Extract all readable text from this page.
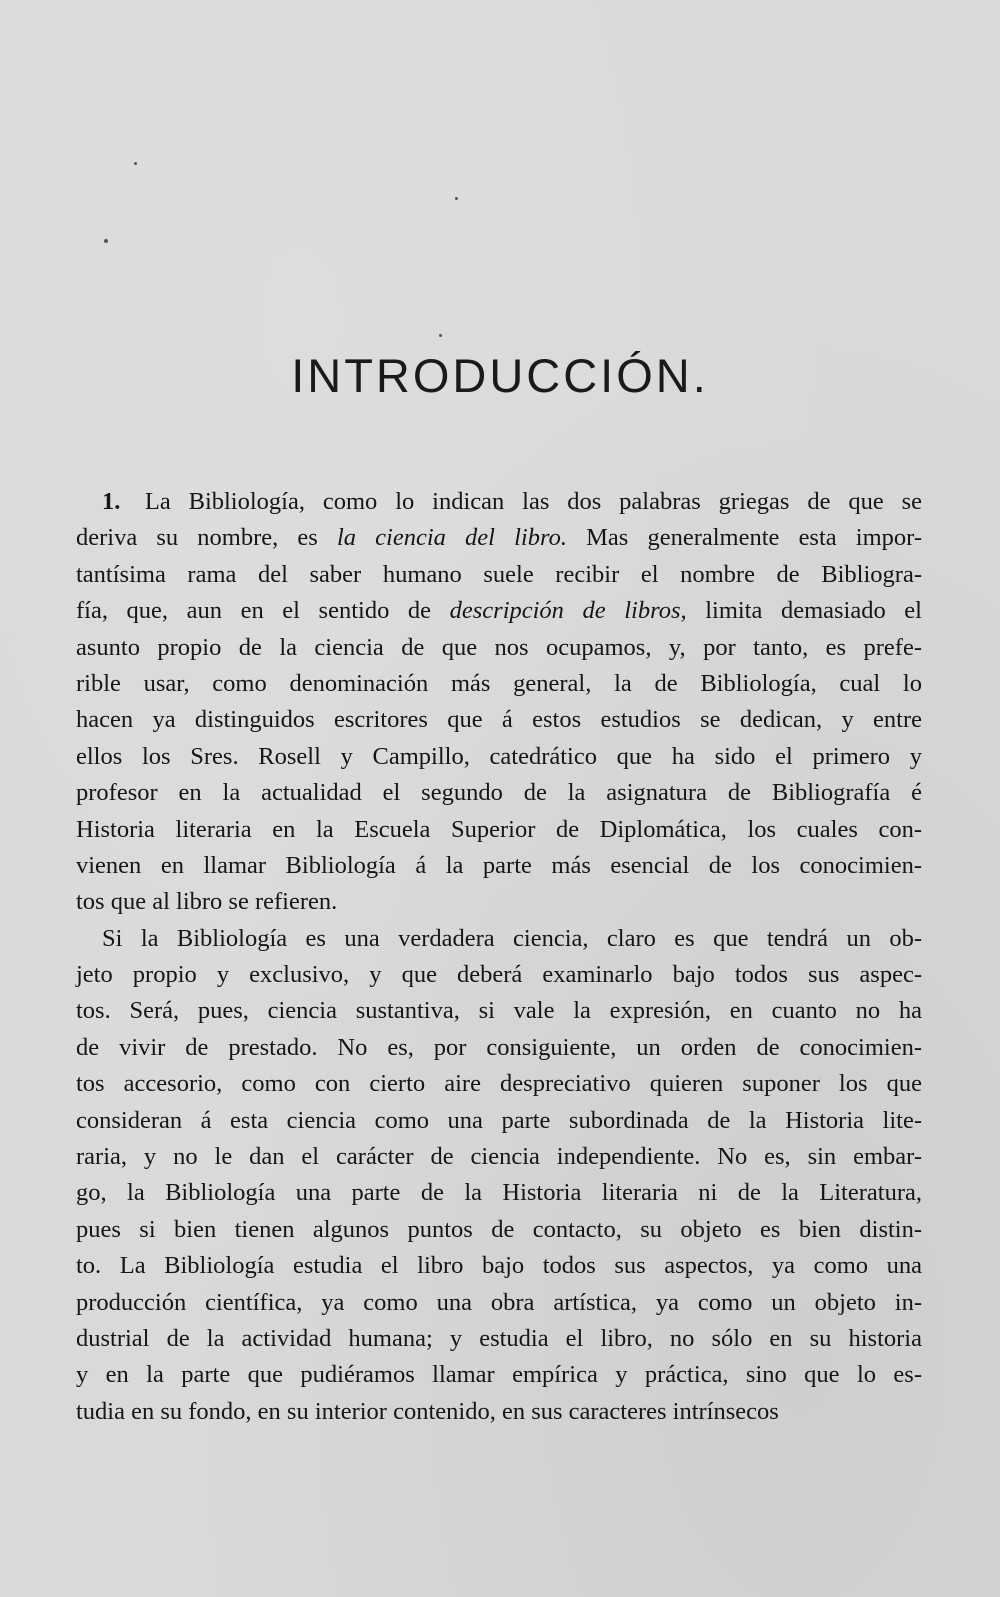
INTRODUCCIÓN.
1.  La Bibliología, como lo indican las dos palabras griegas de que se
deriva su nombre, es la ciencia del libro. Mas generalmente esta impor-
tantísima rama del saber humano suele recibir el nombre de Bibliogra-
fía, que, aun en el sentido de descripción de libros, limita demasiado el
asunto propio de la ciencia de que nos ocupamos, y, por tanto, es prefe-
rible usar, como denominación más general, la de Bibliología, cual lo
hacen ya distinguidos escritores que á estos estudios se dedican, y entre
ellos los Sres. Rosell y Campillo, catedrático que ha sido el primero y
profesor en la actualidad el segundo de la asignatura de Bibliografía é
Historia literaria en la Escuela Superior de Diplomática, los cuales con-
vienen en llamar Bibliología á la parte más esencial de los conocimien-
tos que al libro se refieren.
Si la Bibliología es una verdadera ciencia, claro es que tendrá un ob-
jeto propio y exclusivo, y que deberá examinarlo bajo todos sus aspec-
tos. Será, pues, ciencia sustantiva, si vale la expresión, en cuanto no ha
de vivir de prestado. No es, por consiguiente, un orden de conocimien-
tos accesorio, como con cierto aire despreciativo quieren suponer los que
consideran á esta ciencia como una parte subordinada de la Historia lite-
raria, y no le dan el carácter de ciencia independiente. No es, sin embar-
go, la Bibliología una parte de la Historia literaria ni de la Literatura,
pues si bien tienen algunos puntos de contacto, su objeto es bien distin-
to. La Bibliología estudia el libro bajo todos sus aspectos, ya como una
producción científica, ya como una obra artística, ya como un objeto in-
dustrial de la actividad humana; y estudia el libro, no sólo en su historia
y en la parte que pudiéramos llamar empírica y práctica, sino que lo es-
tudia en su fondo, en su interior contenido, en sus caracteres intrínsecos
